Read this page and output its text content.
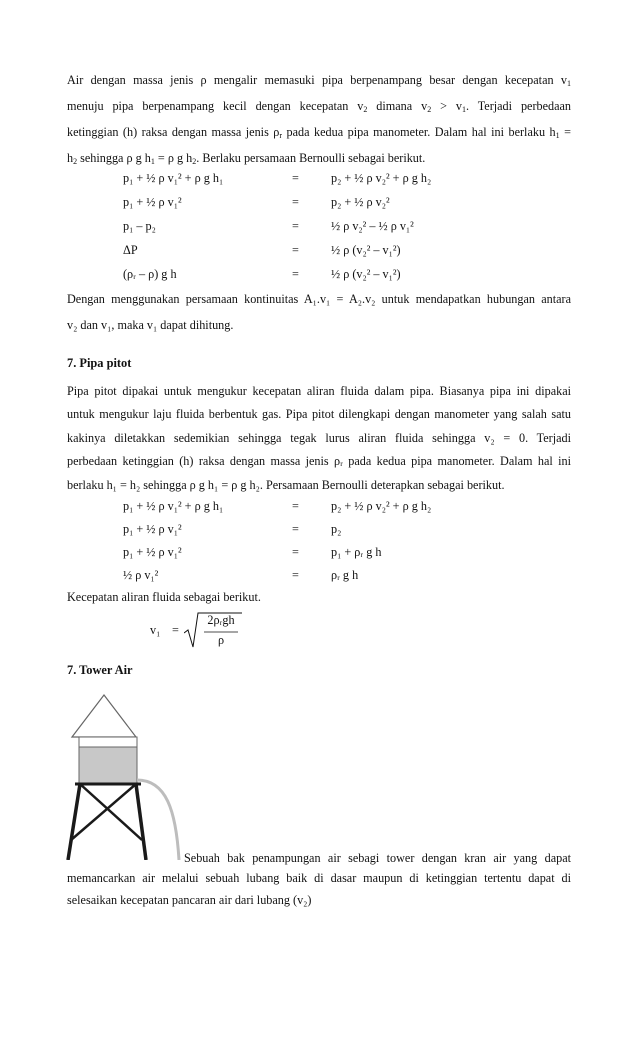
Air dengan massa jenis ρ mengalir memasuki pipa berpenampang besar dengan kecepatan $v_1$
menuju pipa berpenampang kecil dengan kecepatan $v_2$ dimana $v_2 > v_1$. Terjadi perbedaan
ketinggian (h) raksa dengan massa jenis $\rho_r$ pada kedua pipa manometer. Dalam hal ini berlaku $h_1$ =
$h_2$ sehingga ρ g $h_1 = \rho$ g $h_2$. Berlaku persamaan Bernoulli sebagai berikut.
p₁ + ½ ρ v₁² + ρ g h₁	=	p₂ + ½ ρ v₂² + ρ g h₂
p₁ + ½ ρ v₁²	=	p₂ + ½ ρ v₂²
p₁ – p₂	=	½ ρ v₂² – ½ ρ v₁²
ΔP	=	½ ρ (v₂² – v₁²)
(ρᵣ – ρ) g h	=	½ ρ (v₂² – v₁²)
Dengan menggunakan persamaan kontinuitas A₁.v₁ = A₂.v₂ untuk mendapatkan hubungan antara
v₂ dan v₁, maka v₁ dapat dihitung.
7. Pipa pitot
Pipa pitot dipakai untuk mengukur kecepatan aliran fluida dalam pipa. Biasanya pipa ini dipakai
untuk mengukur laju fluida berbentuk gas. Pipa pitot dilengkapi dengan manometer yang salah satu
kakinya diletakkan sedemikian sehingga tegak lurus aliran fluida sehingga v₂ = 0. Terjadi
perbedaan ketinggian (h) raksa dengan massa jenis ρᵣ pada kedua pipa manometer. Dalam hal ini
berlaku h₁ = h₂ sehingga ρ g h₁ = ρ g h₂. Persamaan Bernoulli deterapkan sebagai berikut.
p₁ + ½ ρ v₁² + ρ g h₁	=	p₂ + ½ ρ v₂² + ρ g h₂
p₁ + ½ ρ v₁²	=	p₂
p₁ + ½ ρ v₁²	=	p₁ + ρᵣ g h
½ ρ v₁²	=	ρᵣ g h
Kecepatan aliran fluida sebagai berikut.
v₁ =
2ρᵣgh
ρ
7. Tower Air
Sebuah bak penampungan air sebagi tower dengan kran air yang dapat
memancarkan air melalui sebuah lubang baik di dasar maupun di ketinggian tertentu dapat di
selesaikan kecepatan pancaran air dari lubang (v₂)
